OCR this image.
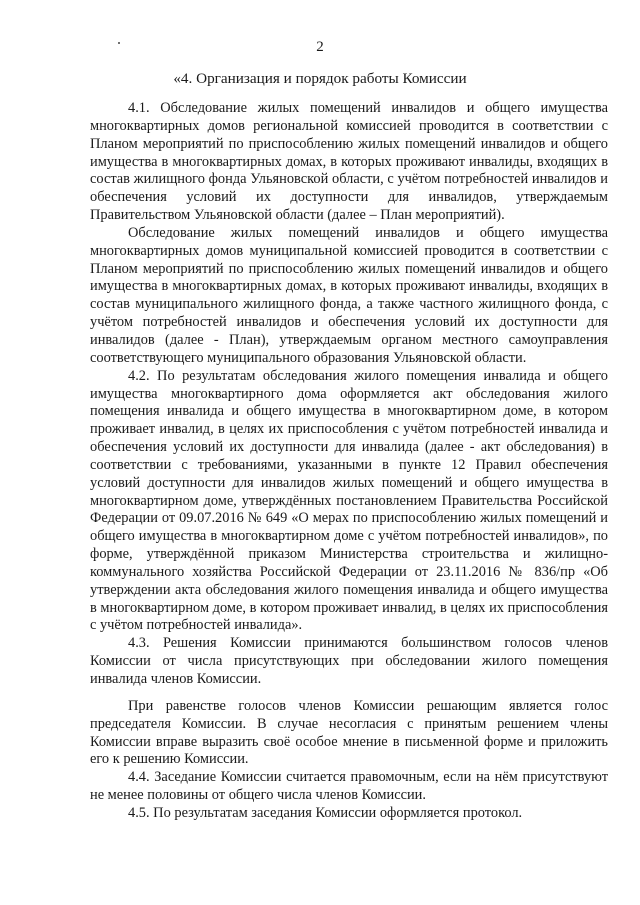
2
«4. Организация и порядок работы Комиссии

4.1. Обследование жилых помещений инвалидов и общего имущества многоквартирных домов региональной комиссией проводится в соответствии с Планом мероприятий по приспособлению жилых помещений инвалидов и общего имущества в многоквартирных домах, в которых проживают инвалиды, входящих в состав жилищного фонда Ульяновской области, с учётом потребностей инвалидов и обеспечения условий их доступности для инвалидов, утверждаемым Правительством Ульяновской области (далее – План мероприятий).

Обследование жилых помещений инвалидов и общего имущества многоквартирных домов муниципальной комиссией проводится в соответствии с Планом мероприятий по приспособлению жилых помещений инвалидов и общего имущества в многоквартирных домах, в которых проживают инвалиды, входящих в состав муниципального жилищного фонда, а также частного жилищного фонда, с учётом потребностей инвалидов и обеспечения условий их доступности для инвалидов (далее - План), утверждаемым органом местного самоуправления соответствующего муниципального образования Ульяновской области.

4.2. По результатам обследования жилого помещения инвалида и общего имущества многоквартирного дома оформляется акт обследования жилого помещения инвалида и общего имущества в многоквартирном доме, в котором проживает инвалид, в целях их приспособления с учётом потребностей инвалида и обеспечения условий их доступности для инвалида (далее - акт обследования) в соответствии с требованиями, указанными в пункте 12 Правил обеспечения условий доступности для инвалидов жилых помещений и общего имущества в многоквартирном доме, утверждённых постановлением Правительства Российской Федерации от 09.07.2016 № 649 «О мерах по приспособлению жилых помещений и общего имущества в многоквартирном доме с учётом потребностей инвалидов», по форме, утверждённой приказом Министерства строительства и жилищно-коммунального хозяйства Российской Федерации от 23.11.2016 № 836/пр «Об утверждении акта обследования жилого помещения инвалида и общего имущества в многоквартирном доме, в котором проживает инвалид, в целях их приспособления с учётом потребностей инвалида».

4.3. Решения Комиссии принимаются большинством голосов членов Комиссии от числа присутствующих при обследовании жилого помещения инвалида членов Комиссии.

При равенстве голосов членов Комиссии решающим является голос председателя Комиссии. В случае несогласия с принятым решением члены Комиссии вправе выразить своё особое мнение в письменной форме и приложить его к решению Комиссии.

4.4. Заседание Комиссии считается правомочным, если на нём присутствуют не менее половины от общего числа членов Комиссии.

4.5. По результатам заседания Комиссии оформляется протокол.
